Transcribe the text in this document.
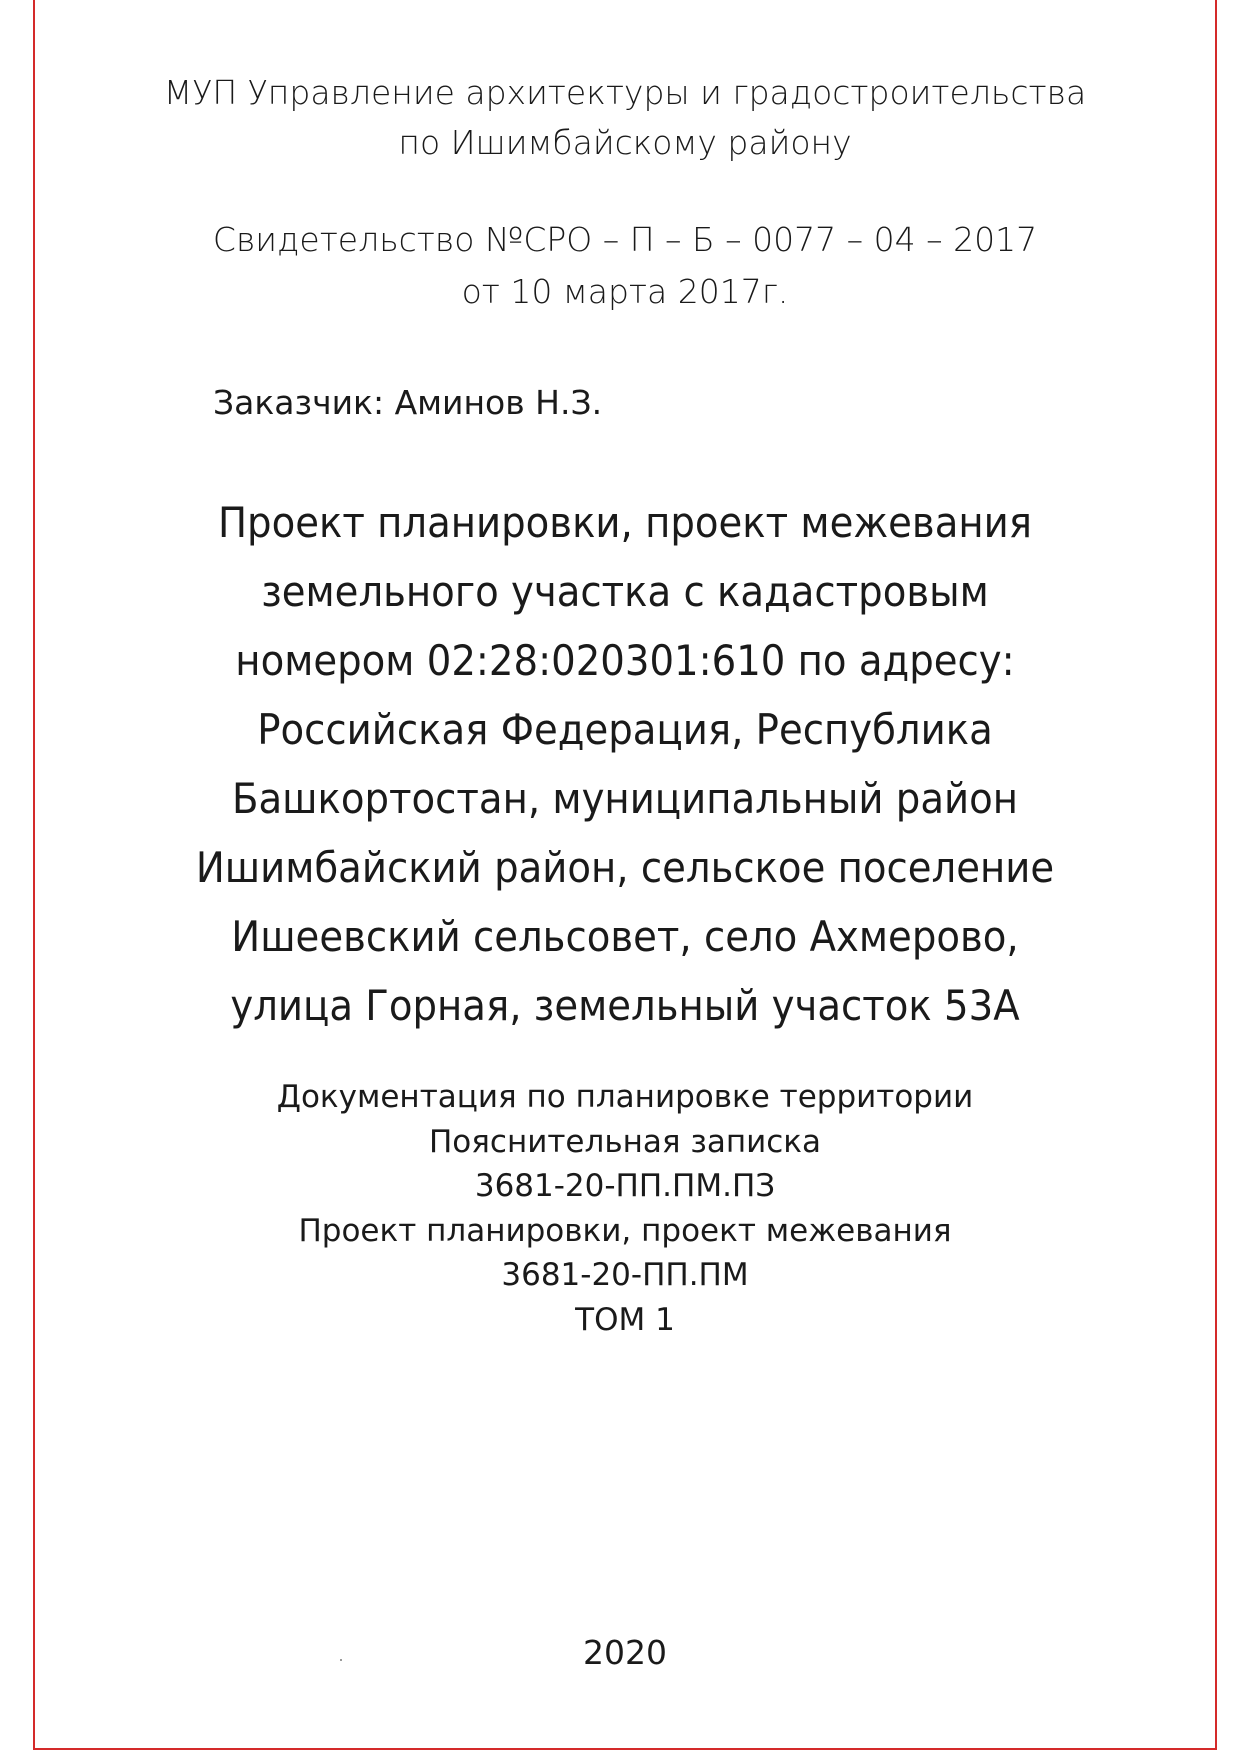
МУП Управление архитектуры и градостроительства
по Ишимбайскому району
Свидетельство №СРО – П – Б – 0077 – 04 – 2017
от 10 марта 2017г.
Заказчик: Аминов Н.З.
Проект планировки, проект межевания
земельного участка с кадастровым
номером 02:28:020301:610 по адресу:
Российская Федерация, Республика
Башкортостан, муниципальный район
Ишимбайский район, сельское поселение
Ишеевский сельсовет, село Ахмерово,
улица Горная, земельный участок 53А
Документация по планировке территории
Пояснительная записка
3681-20-ПП.ПМ.ПЗ
Проект планировки, проект межевания
3681-20-ПП.ПМ
ТОМ 1
2020
